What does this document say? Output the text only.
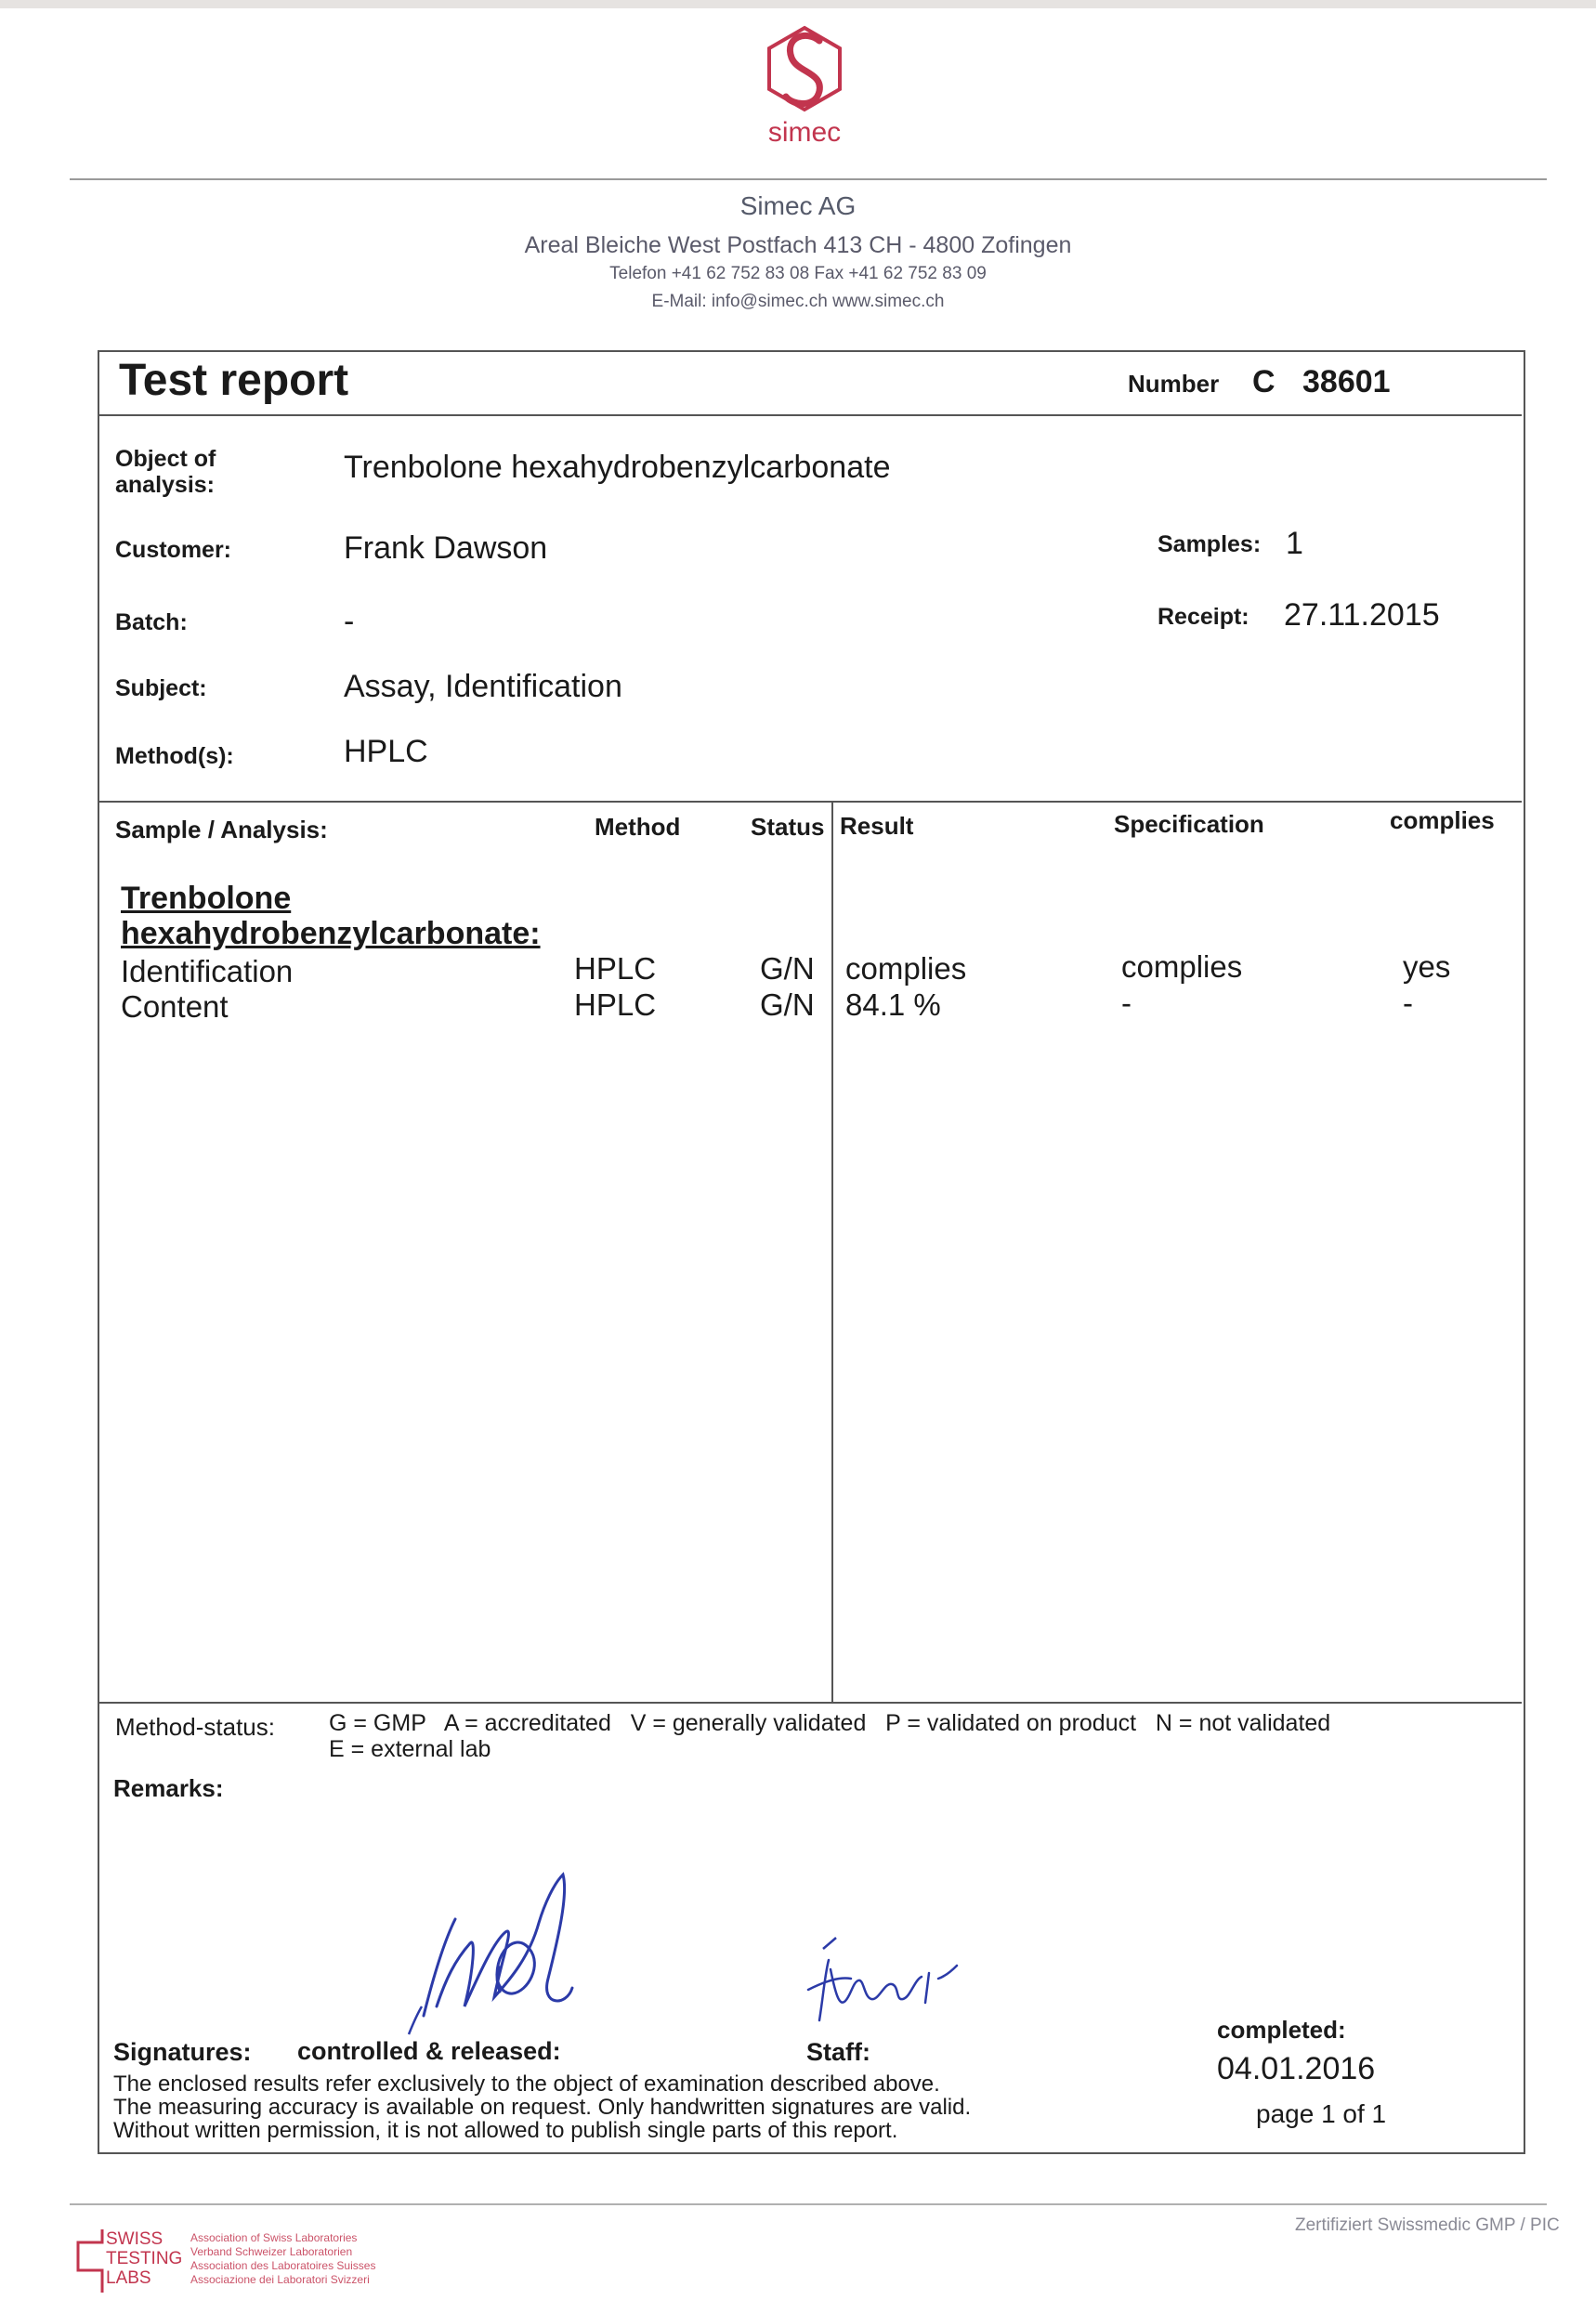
simec
Simec AG
Areal Bleiche West Postfach 413 CH - 4800 Zofingen
Telefon +41 62 752 83 08 Fax +41 62 752 83 09
E-Mail: info@simec.ch www.simec.ch
Test report	Number C 38601
Object of analysis:	Trenbolone hexahydrobenzylcarbonate
Customer:	Frank Dawson	Samples: 1
Batch:	-	Receipt: 27.11.2015
Subject:	Assay, Identification
Method(s):	HPLC
Sample / Analysis:	Method	Status Result	Specification	complies
Trenbolone
hexahydrobenzylcarbonate:
Identification	HPLC	G/N complies	complies	yes
Content	HPLC	G/N 84.1 %	-	-
Method-status: G = GMP   A = accreditated   V = generally validated   P = validated on product   N = not validated
E = external lab
Remarks:
Signatures: controlled & released:	Staff:
completed:
04.01.2016
page 1 of 1
The enclosed results refer exclusively to the object of examination described above.
The measuring accuracy is available on request. Only handwritten signatures are valid.
Without written permission, it is not allowed to publish single parts of this report.
SWISS
TESTING
LABS
Association of Swiss Laboratories
Verband Schweizer Laboratorien
Association des Laboratoires Suisses
Associazione dei Laboratori Svizzeri
Zertifiziert Swissmedic GMP / PIC
